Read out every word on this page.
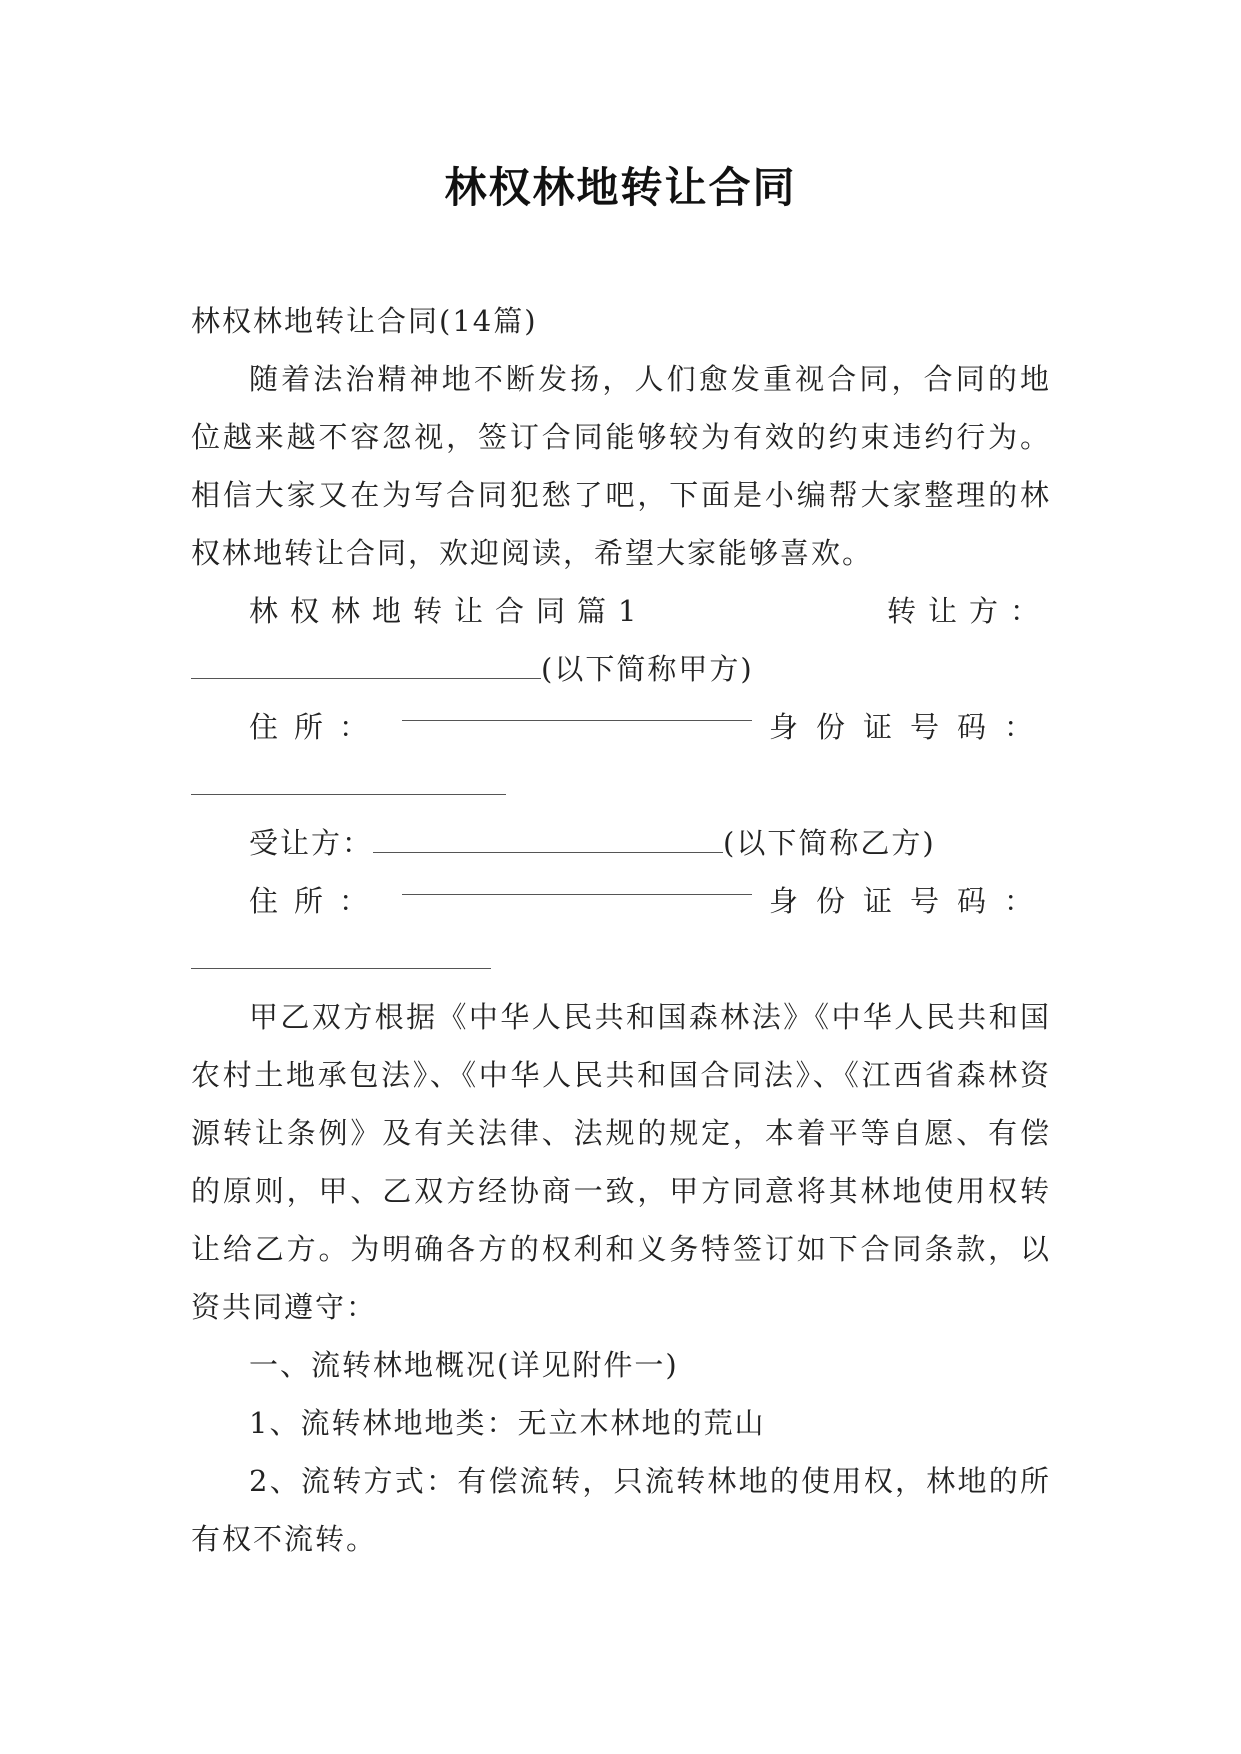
林权林地转让合同

林权林地转让合同(14篇)

随着法治精神地不断发扬，人们愈发重视合同，合同的地位越来越不容忽视，签订合同能够较为有效的约束违约行为。相信大家又在为写合同犯愁了吧，下面是小编帮大家整理的林权林地转让合同，欢迎阅读，希望大家能够喜欢。

林权林地转让合同篇1	转让方：
(以下简称甲方)
住所：	身份证号码：
受让方：	(以下简称乙方)
住所：	身份证号码：

甲乙双方根据《中华人民共和国森林法》《中华人民共和国农村土地承包法》、《中华人民共和国合同法》、《江西省森林资源转让条例》及有关法律、法规的规定，本着平等自愿、有偿的原则，甲、乙双方经协商一致，甲方同意将其林地使用权转让给乙方。为明确各方的权利和义务特签订如下合同条款，以资共同遵守：

一、流转林地概况(详见附件一)

1、流转林地地类：无立木林地的荒山

2、流转方式：有偿流转，只流转林地的使用权，林地的所有权不流转。
